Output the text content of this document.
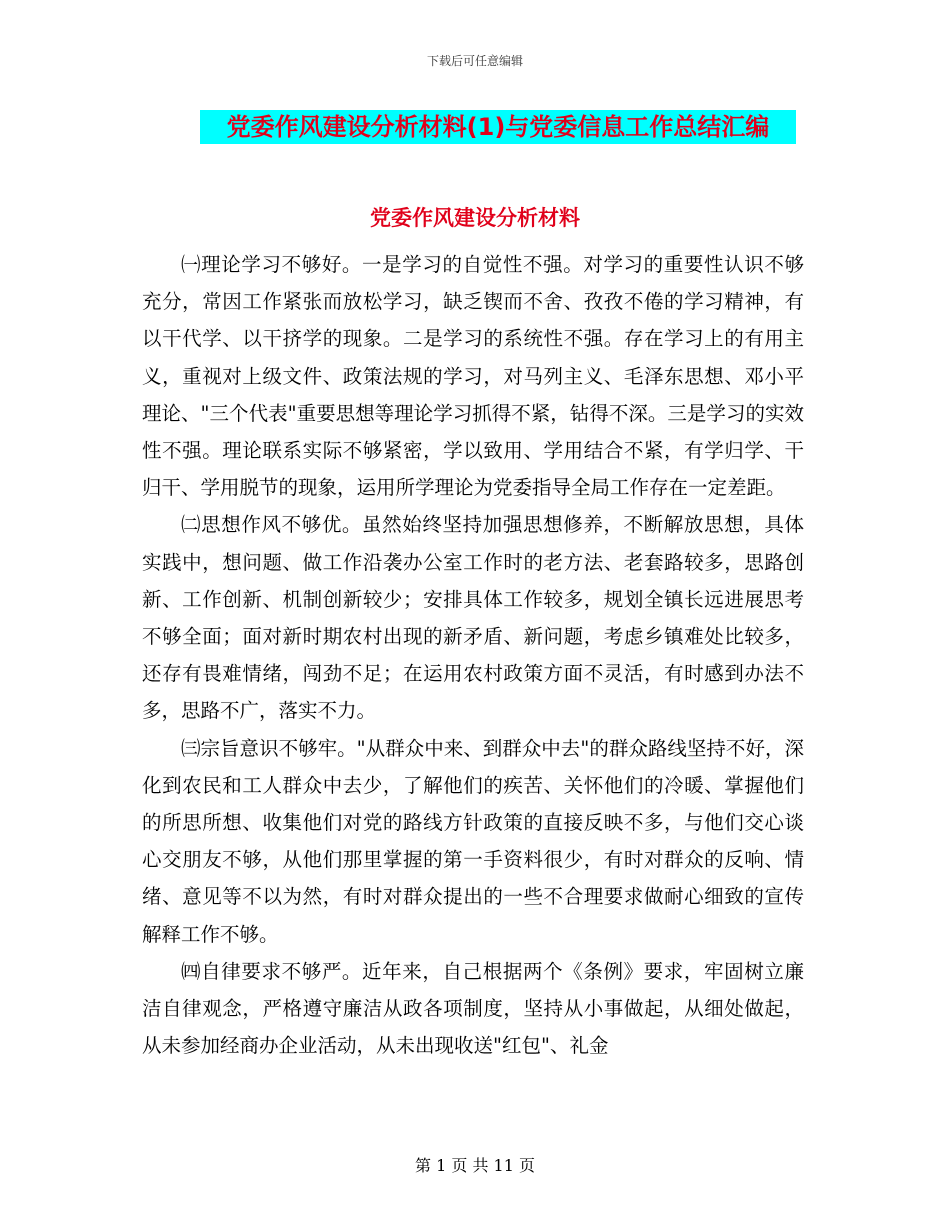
下载后可任意编辑
党委作风建设分析材料(1)与党委信息工作总结汇编
党委作风建设分析材料

㈠理论学习不够好。一是学习的自觉性不强。对学习的重要性认识不够充分，常因工作紧张而放松学习，缺乏锲而不舍、孜孜不倦的学习精神，有以干代学、以干挤学的现象。二是学习的系统性不强。存在学习上的有用主义，重视对上级文件、政策法规的学习，对马列主义、毛泽东思想、邓小平理论、"三个代表"重要思想等理论学习抓得不紧，钻得不深。三是学习的实效性不强。理论联系实际不够紧密，学以致用、学用结合不紧，有学归学、干归干、学用脱节的现象，运用所学理论为党委指导全局工作存在一定差距。

㈡思想作风不够优。虽然始终坚持加强思想修养，不断解放思想，具体实践中，想问题、做工作沿袭办公室工作时的老方法、老套路较多，思路创新、工作创新、机制创新较少；安排具体工作较多，规划全镇长远进展思考不够全面；面对新时期农村出现的新矛盾、新问题，考虑乡镇难处比较多，还存有畏难情绪，闯劲不足；在运用农村政策方面不灵活，有时感到办法不多，思路不广，落实不力。

㈢宗旨意识不够牢。"从群众中来、到群众中去"的群众路线坚持不好，深化到农民和工人群众中去少，了解他们的疾苦、关怀他们的冷暖、掌握他们的所思所想、收集他们对党的路线方针政策的直接反映不多，与他们交心谈心交朋友不够，从他们那里掌握的第一手资料很少，有时对群众的反响、情绪、意见等不以为然，有时对群众提出的一些不合理要求做耐心细致的宣传解释工作不够。

㈣自律要求不够严。近年来，自己根据两个《条例》要求，牢固树立廉洁自律观念，严格遵守廉洁从政各项制度，坚持从小事做起，从细处做起，从未参加经商办企业活动，从未出现收送"红包"、礼金

第 1 页 共 11 页
